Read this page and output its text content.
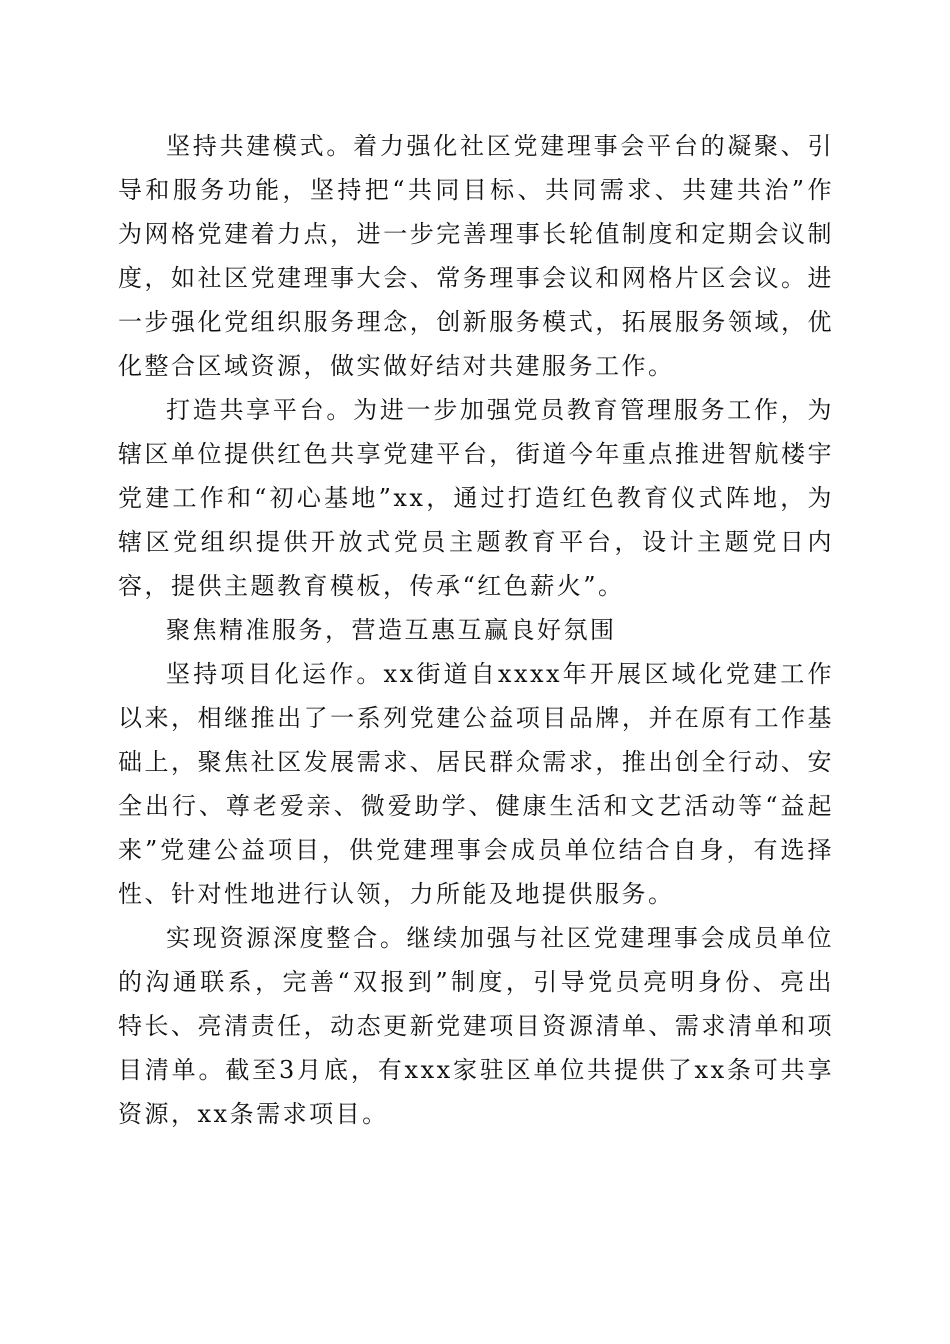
坚持共建模式。着力强化社区党建理事会平台的凝聚、引导和服务功能，坚持把“共同目标、共同需求、共建共治”作为网格党建着力点，进一步完善理事长轮值制度和定期会议制度，如社区党建理事大会、常务理事会议和网格片区会议。进一步强化党组织服务理念，创新服务模式，拓展服务领域，优化整合区域资源，做实做好结对共建服务工作。

打造共享平台。为进一步加强党员教育管理服务工作，为辖区单位提供红色共享党建平台，街道今年重点推进智航楼宇党建工作和“初心基地”xx，通过打造红色教育仪式阵地，为辖区党组织提供开放式党员主题教育平台，设计主题党日内容，提供主题教育模板，传承“红色薪火”。

聚焦精准服务，营造互惠互赢良好氛围

坚持项目化运作。xx街道自xxxx年开展区域化党建工作以来，相继推出了一系列党建公益项目品牌，并在原有工作基础上，聚焦社区发展需求、居民群众需求，推出创全行动、安全出行、尊老爱亲、微爱助学、健康生活和文艺活动等“益起来”党建公益项目，供党建理事会成员单位结合自身，有选择性、针对性地进行认领，力所能及地提供服务。

实现资源深度整合。继续加强与社区党建理事会成员单位的沟通联系，完善“双报到”制度，引导党员亮明身份、亮出特长、亮清责任，动态更新党建项目资源清单、需求清单和项目清单。截至3月底，有xxx家驻区单位共提供了xx条可共享资源，xx条需求项目。
